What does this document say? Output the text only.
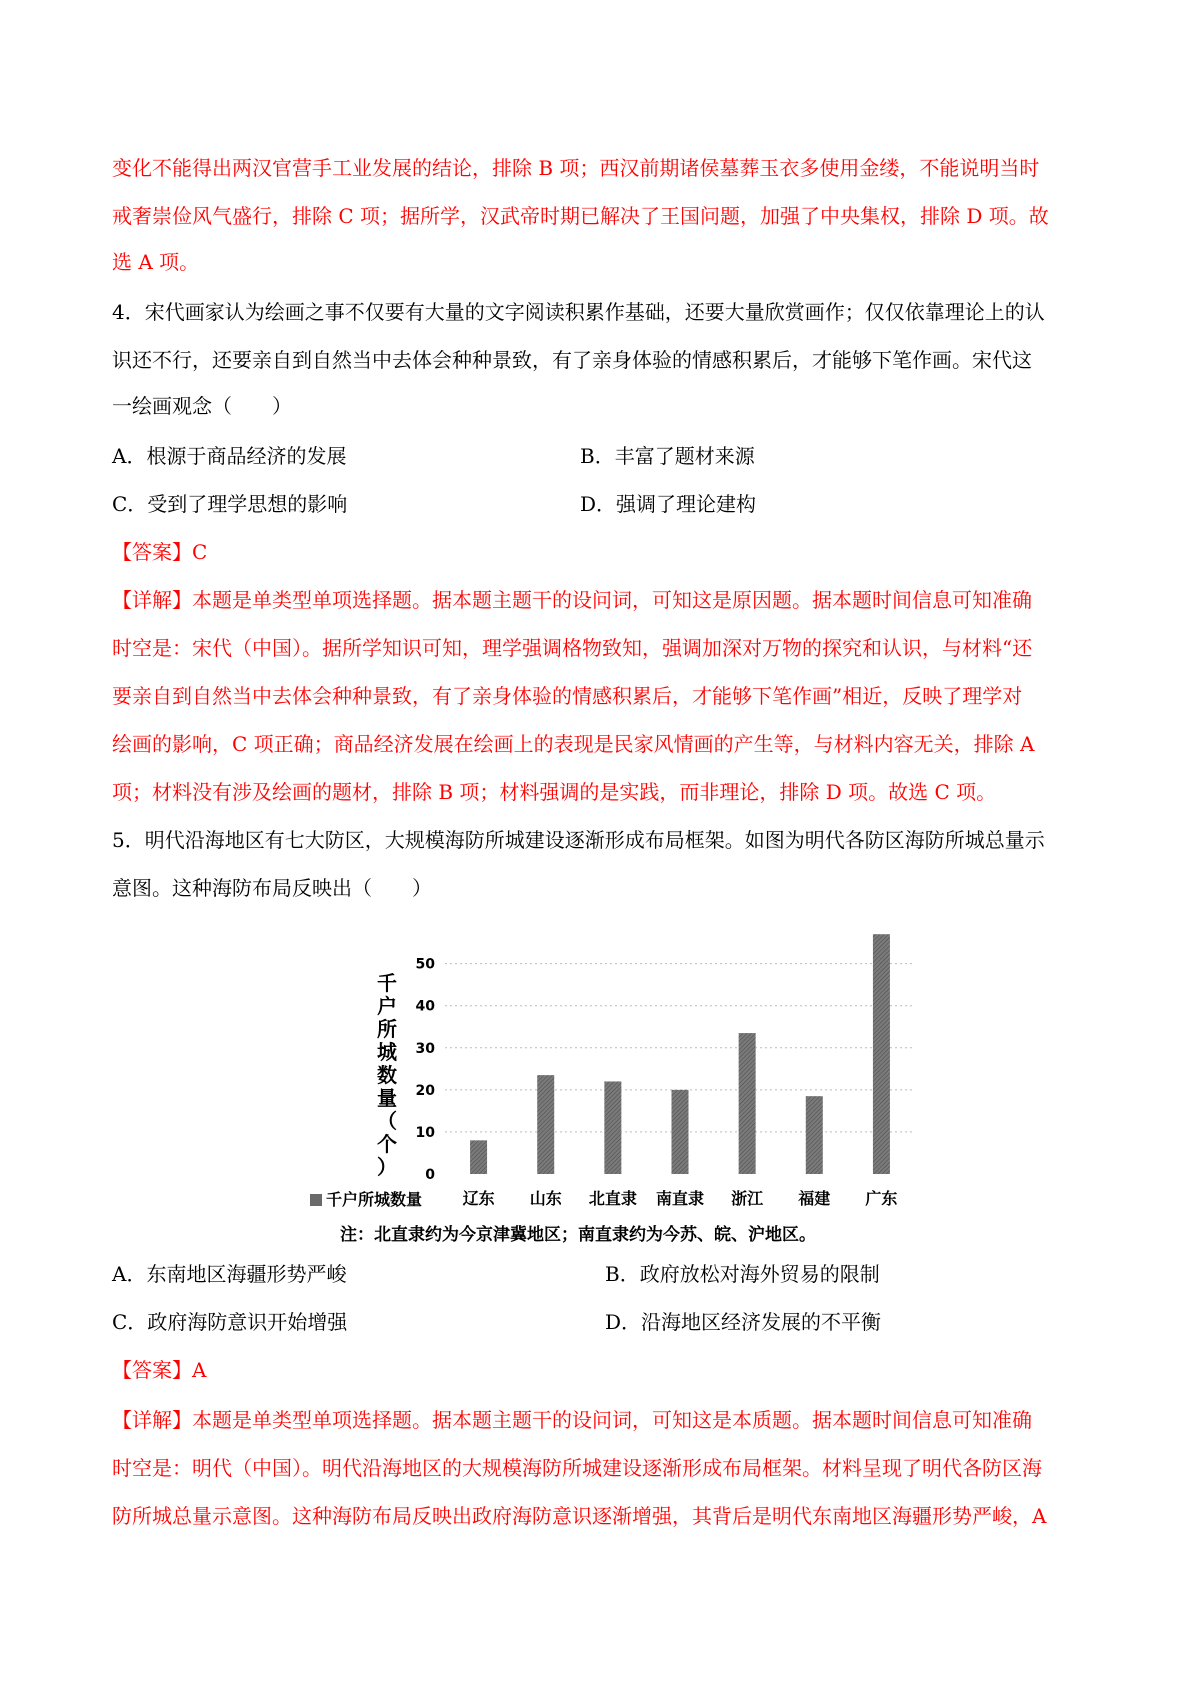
变化不能得出两汉官营手工业发展的结论，排除 B 项；西汉前期诸侯墓葬玉衣多使用金缕，不能说明当时
戒奢崇俭风气盛行，排除 C 项；据所学，汉武帝时期已解决了王国问题，加强了中央集权，排除 D 项。故
选 A 项。
4．宋代画家认为绘画之事不仅要有大量的文字阅读积累作基础，还要大量欣赏画作；仅仅依靠理论上的认
识还不行，还要亲自到自然当中去体会种种景致，有了亲身体验的情感积累后，才能够下笔作画。宋代这
一绘画观念（　　）
A．根源于商品经济的发展	B．丰富了题材来源
C．受到了理学思想的影响	D．强调了理论建构
【答案】C
【详解】本题是单类型单项选择题。据本题主题干的设问词，可知这是原因题。据本题时间信息可知准确
时空是：宋代（中国）。据所学知识可知，理学强调格物致知，强调加深对万物的探究和认识，与材料“还
要亲自到自然当中去体会种种景致，有了亲身体验的情感积累后，才能够下笔作画”相近，反映了理学对
绘画的影响，C 项正确；商品经济发展在绘画上的表现是民家风情画的产生等，与材料内容无关，排除 A
项；材料没有涉及绘画的题材，排除 B 项；材料强调的是实践，而非理论，排除 D 项。故选 C 项。
5．明代沿海地区有七大防区，大规模海防所城建设逐渐形成布局框架。如图为明代各防区海防所城总量示
意图。这种海防布局反映出（　　）
千
户
所
城
数
量
（
个
） 0
10
20
30
40
50
辽东 山东 北直隶 南直隶 浙江 福建 广东
千户所城数量
注：北直隶约为今京津冀地区；南直隶约为今苏、皖、沪地区。
A．东南地区海疆形势严峻	B．政府放松对海外贸易的限制
C．政府海防意识开始增强	D．沿海地区经济发展的不平衡
【答案】A
【详解】本题是单类型单项选择题。据本题主题干的设问词，可知这是本质题。据本题时间信息可知准确
时空是：明代（中国）。明代沿海地区的大规模海防所城建设逐渐形成布局框架。材料呈现了明代各防区海
防所城总量示意图。这种海防布局反映出政府海防意识逐渐增强，其背后是明代东南地区海疆形势严峻，A
